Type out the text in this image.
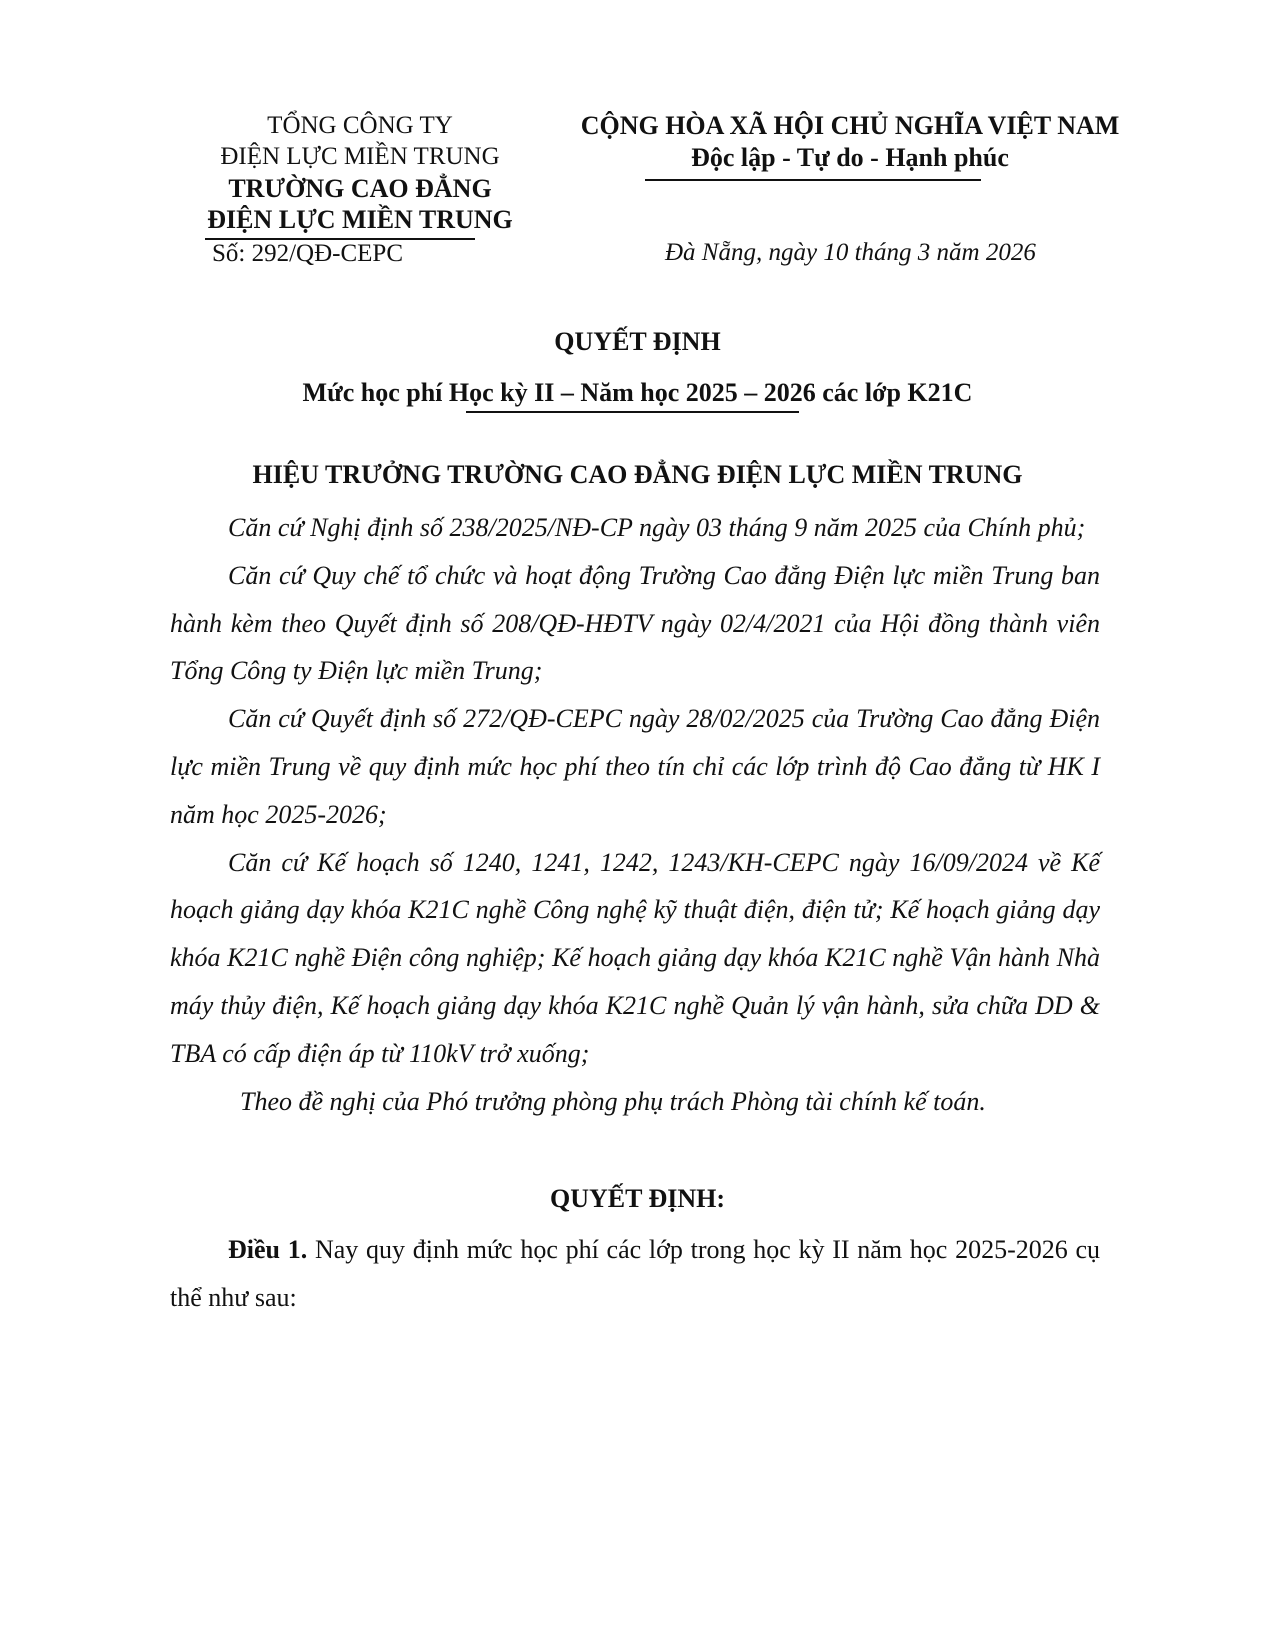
TỔNG CÔNG TY
ĐIỆN LỰC MIỀN TRUNG
TRƯỜNG CAO ĐẲNG
ĐIỆN LỰC MIỀN TRUNG
Số: 292/QĐ-CEPC
CỘNG HÒA XÃ HỘI CHỦ NGHĨA VIỆT NAM
Độc lập - Tự do - Hạnh phúc
Đà Nẵng, ngày 10 tháng 3 năm 2026
QUYẾT ĐỊNH
Mức học phí Học kỳ II – Năm học 2025 – 2026 các lớp K21C
HIỆU TRƯỞNG TRƯỜNG CAO ĐẲNG ĐIỆN LỰC MIỀN TRUNG

Căn cứ Nghị định số 238/2025/NĐ-CP ngày 03 tháng 9 năm 2025 của Chính phủ;

Căn cứ Quy chế tổ chức và hoạt động Trường Cao đẳng Điện lực miền Trung ban hành kèm theo Quyết định số 208/QĐ-HĐTV ngày 02/4/2021 của Hội đồng thành viên Tổng Công ty Điện lực miền Trung;

Căn cứ Quyết định số 272/QĐ-CEPC ngày 28/02/2025 của Trường Cao đẳng Điện lực miền Trung về quy định mức học phí theo tín chỉ các lớp trình độ Cao đẳng từ HK I năm học 2025-2026;

Căn cứ Kế hoạch số 1240, 1241, 1242, 1243/KH-CEPC ngày 16/09/2024 về Kế hoạch giảng dạy khóa K21C nghề Công nghệ kỹ thuật điện, điện tử; Kế hoạch giảng dạy khóa K21C nghề Điện công nghiệp; Kế hoạch giảng dạy khóa K21C nghề Vận hành Nhà máy thủy điện, Kế hoạch giảng dạy khóa K21C nghề Quản lý vận hành, sửa chữa DD & TBA có cấp điện áp từ 110kV trở xuống;

Theo đề nghị của Phó trưởng phòng phụ trách Phòng tài chính kế toán.

QUYẾT ĐỊNH:

Điều 1. Nay quy định mức học phí các lớp trong học kỳ II năm học 2025-2026 cụ thể như sau:
